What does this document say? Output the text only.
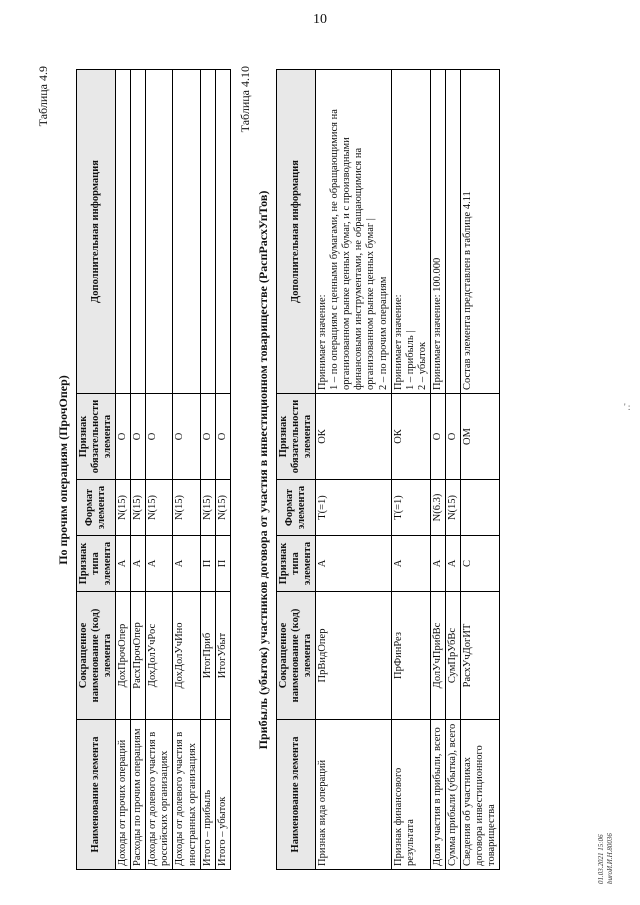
10
' :
Таблица 4.9
По прочим операциям (ПрочОпер)
Наименование элемента	Сокращенное наименование (код) элемента	Признак типа элемента	Формат элемента	Признак обязательности элемента	Дополнительная информация
Доходы от прочих операций	ДохПрочОпер	А	N(15)	О	
Расходы по прочим операциям	РасхПрочОпер	А	N(15)	О	
Доходы от долевого участия в российских организациях	ДохДолУчРос	А	N(15)	О	
Доходы от долевого участия в иностранных организациях	ДохДолУчИно	А	N(15)	О	
Итого – прибыль	ИтогПриб	П	N(15)	О	
Итого – убыток	ИтогУбыт	П	N(15)	О	
Таблица 4.10
Прибыль (убыток) участников договора от участия в инвестиционном товариществе (РаспРасхУпТов)
Наименование элемента	Сокращенное наименование (код) элемента	Признак типа элемента	Формат элемента	Признак обязательности элемента	Дополнительная информация
Признак вида операций	ПрВидОпер	А	T(=1)	ОК	Принимает значение:
1 – по операциям с ценными бумагами, не обращающимися на организованном рынке ценных бумаг, и с производными финансовыми инструментами, не обращающимися на организованном рынке ценных бумаг |
2 – по прочим операциям
Признак финансового результата	ПрФинРез	А	T(=1)	ОК	Принимает значение:
1 – прибыль |
2 – убыток
Доля участия в прибыли, всего	ДолУчПрибВс	А	N(6.3)	О	Принимает значение: 100.000
Сумма прибыли (убытка), всего	СумПрУбВс	А	N(15)	О	
Сведения об участниках договора инвестиционного товарищества	РасхУчДогИТ	С		ОМ	Состав элемента представлен в таблице 4.11
01.03.2021 15:06 buroИ.И.Н.80036
